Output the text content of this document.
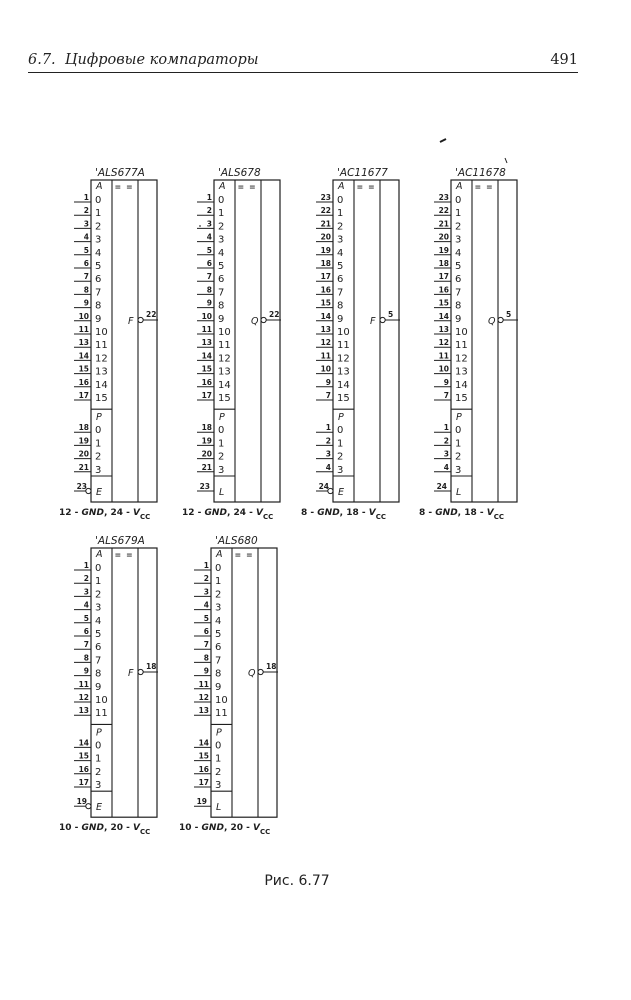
6.7. Цифровые компараторы	491
'ALS677A
= =
A
0
1
1
2
2
3
3
4
4
5
5
6
6
7
7
8
8
9
9
10
10
11
11
13
12
14
13
15
14
16
15
17
P
0
18
1
19
2
20
3
21
E
23
F
22
12 - GND, $24 - V_{CC}$
'ALS678
= =
A
0
1
1
2
2
3
3
4
4
5
5
6
6
7
7
8
8
9
9
10
10
11
11
13
12
14
13
15
14
16
15
17
P
0
18
1
19
2
20
3
21
L
23
Q
22
12 - GND, $24 - V_{CC}$
'AC11677
= =
A
0
23
1
22
2
21
3
20
4
19
5
18
6
17
7
16
8
15
9
14
10
13
11
12
12
11
13
10
14
9
15
7
P
0
1
1
2
2
3
3
4
E
24
F
5
8 - GND, $18 - V_{CC}$
'AC11678
= =
A
0
23
1
22
2
21
3
20
4
19
5
18
6
17
7
16
8
15
9
14
10
13
11
12
12
11
13
10
14
9
15
7
P
0
1
1
2
2
3
3
4
L
24
Q
5
8 - GND, $18 - V_{CC}$
'ALS679A
= =
A
0
1
1
2
2
3
3
4
4
5
5
6
6
7
7
8
8
9
9
11
10
12
11
13
P
0
14
1
15
2
16
3
17
E
19
F
18
10 - GND, $20 - V_{CC}$
'ALS680
= =
A
0
1
1
2
2
3
3
4
4
5
5
6
6
7
7
8
8
9
9
11
10
12
11
13
P
0
14
1
15
2
16
3
17
L
19
Q
18
10 - GND, $20 - V_{CC}$
Рис. 6.77
